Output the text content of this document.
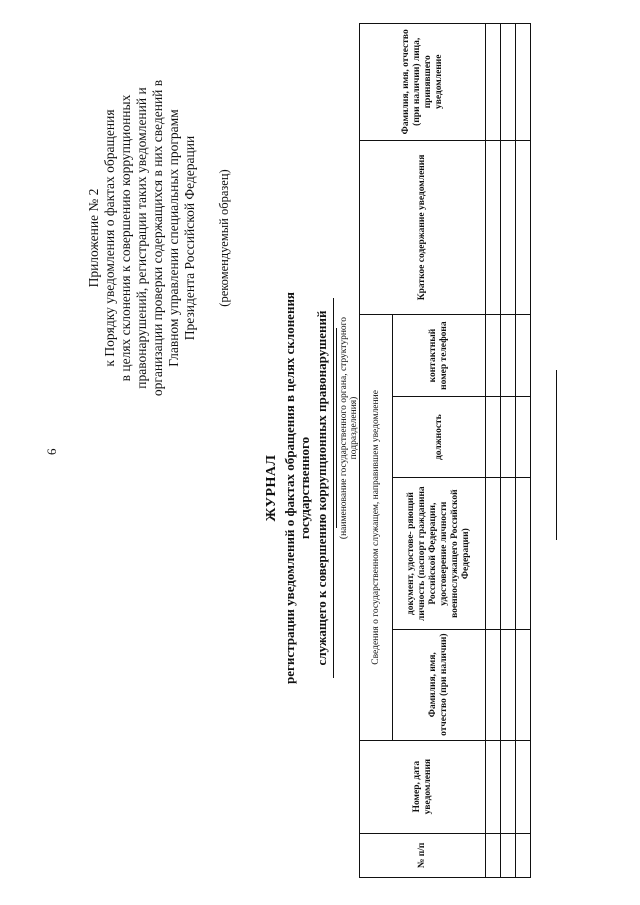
6
Приложение № 2 к Порядку уведомления о фактах обращения в целях склонения к совершению коррупционных правонарушений, регистрации таких уведомлений и организации проверки содержащихся в них сведений в Главном управлении специальных программ Президента Российской Федерации (рекомендуемый образец)
ЖУРНАЛ регистрации уведомлений о фактах обращения в целях склонения государственного служащего к совершению коррупционных правонарушений (наименование государственного органа, структурного подразделения)
№ п/п	Номер, дата уведомления	Сведения о государственном служащем, направившем уведомление				Краткое содержание уведомления	Фамилия, имя, отчество (при наличии) лица, принявшего уведомление
		Фамилия, имя, отчество (при наличии)	документ, удостове- ряющий личность (паспорт гражданина Российской Федерации, удостоверение личности военнослужащего Российской Федерации)	должность	контактный номер телефона		
